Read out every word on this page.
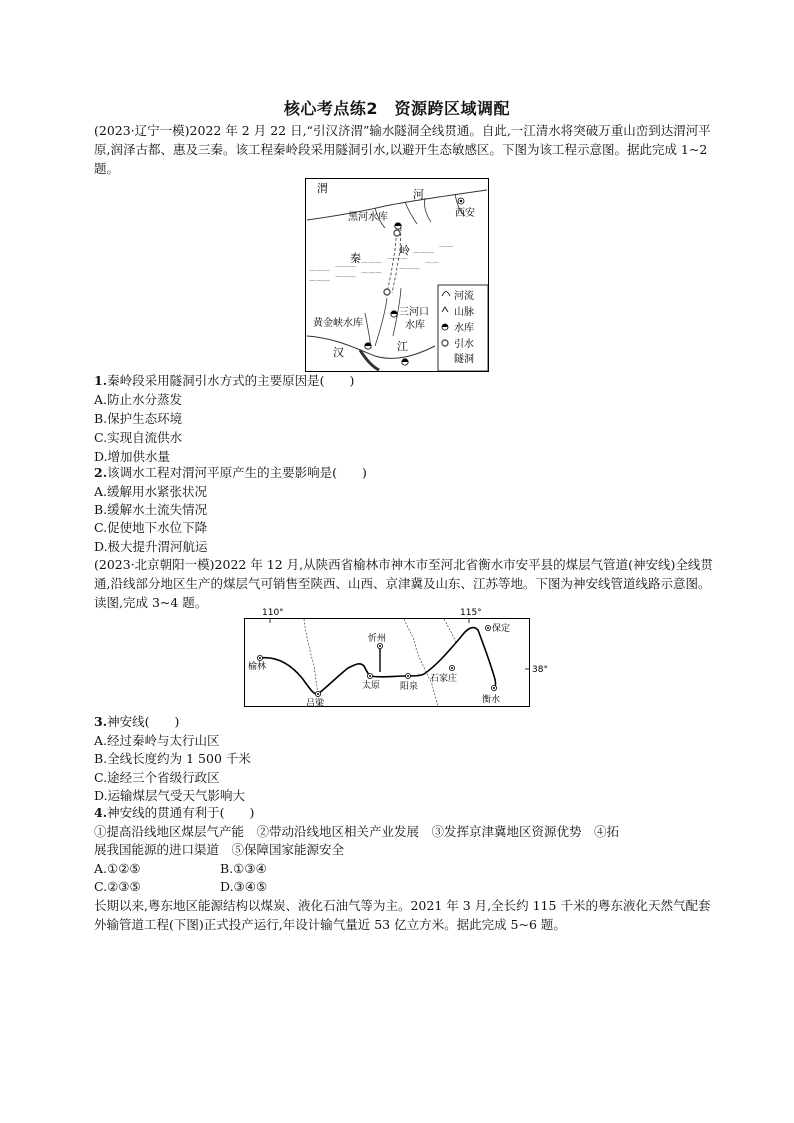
核心考点练2　资源跨区域调配

(2023·辽宁一模)2022 年 2 月 22 日,“引汉济渭”输水隧洞全线贯通。自此,一江清水将突破万重山峦到达渭河平原,润泽古都、惠及三秦。该工程秦岭段采用隧洞引水,以避开生态敏感区。下图为该工程示意图。据此完成 1~2 题。

⌒⌒⌒ ⌒⌒⌒ ⌒⌒⌒ ⌒⌒⌒
⌒⌒⌒
⌒⌒
⌒⌒⌒ ⌒⌒⌒ ⌒⌒⌒ ⌒⌒⌒
⌒⌒
渭	河
西安
黑河水库
秦
岭
三河口
水库
黄金峡水库
汉	江
河流
山脉
水库
引水
隧洞
1.秦岭段采用隧洞引水方式的主要原因是(　　)
A.防止水分蒸发
B.保护生态环境
C.实现自流供水
D.增加供水量
2.该调水工程对渭河平原产生的主要影响是(　　)
A.缓解用水紧张状况
B.缓解水土流失情况
C.促使地下水位下降
D.极大提升渭河航运

(2023·北京朝阳一模)2022 年 12 月,从陕西省榆林市神木市至河北省衡水市安平县的煤层气管道(神安线)全线贯通,沿线部分地区生产的煤层气可销售至陕西、山西、京津冀及山东、江苏等地。下图为神安线管道线路示意图。读图,完成 3~4 题。

110°	115°
38°
榆林
吕梁
忻州
太原 阳泉
石家庄
保定
衡水
3.神安线(　　)
A.经过秦岭与太行山区
B.全线长度约为 1 500 千米
C.途经三个省级行政区
D.运输煤层气受天气影响大
4.神安线的贯通有利于(　　)
①提高沿线地区煤层气产能　②带动沿线地区相关产业发展　③发挥京津冀地区资源优势　④拓
展我国能源的进口渠道　⑤保障国家能源安全
A.①②⑤	B.①③④
C.②③⑤	D.③④⑤

长期以来,粤东地区能源结构以煤炭、液化石油气等为主。2021 年 3 月,全长约 115 千米的粤东液化天然气配套外输管道工程(下图)正式投产运行,年设计输气量近 53 亿立方米。据此完成 5~6 题。
